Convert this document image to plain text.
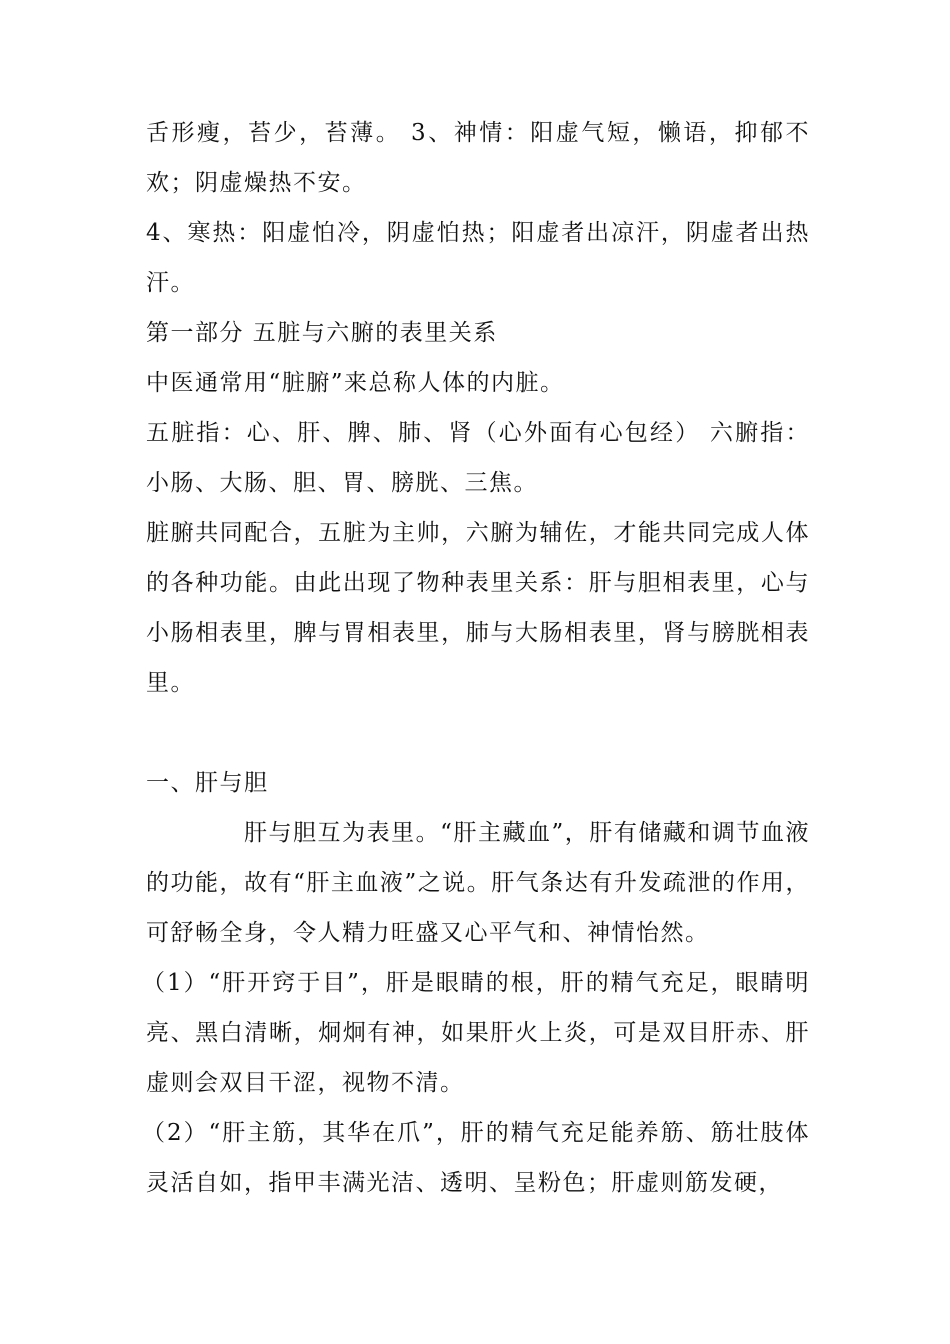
舌形瘦，苔少，苔薄。 3、神情：阳虚气短，懒语，抑郁不欢；阴虚燥热不安。

4、寒热：阳虚怕冷，阴虚怕热；阳虚者出凉汗，阴虚者出热汗。

第一部分 五脏与六腑的表里关系

中医通常用“脏腑”来总称人体的内脏。

五脏指：心、肝、脾、肺、肾（心外面有心包经） 六腑指：小肠、大肠、胆、胃、膀胱、三焦。

脏腑共同配合，五脏为主帅，六腑为辅佐，才能共同完成人体的各种功能。由此出现了物种表里关系：肝与胆相表里，心与小肠相表里，脾与胃相表里，肺与大肠相表里，肾与膀胱相表里。

一、肝与胆

肝与胆互为表里。“肝主藏血”，肝有储藏和调节血液的功能，故有“肝主血液”之说。肝气条达有升发疏泄的作用，可舒畅全身，令人精力旺盛又心平气和、神情怡然。

（1）“肝开窍于目”，肝是眼睛的根，肝的精气充足，眼睛明亮、黑白清晰，炯炯有神，如果肝火上炎，可是双目肝赤、肝虚则会双目干涩，视物不清。

（2）“肝主筋，其华在爪”，肝的精气充足能养筋、筋壮肢体灵活自如，指甲丰满光洁、透明、呈粉色；肝虚则筋发硬，
